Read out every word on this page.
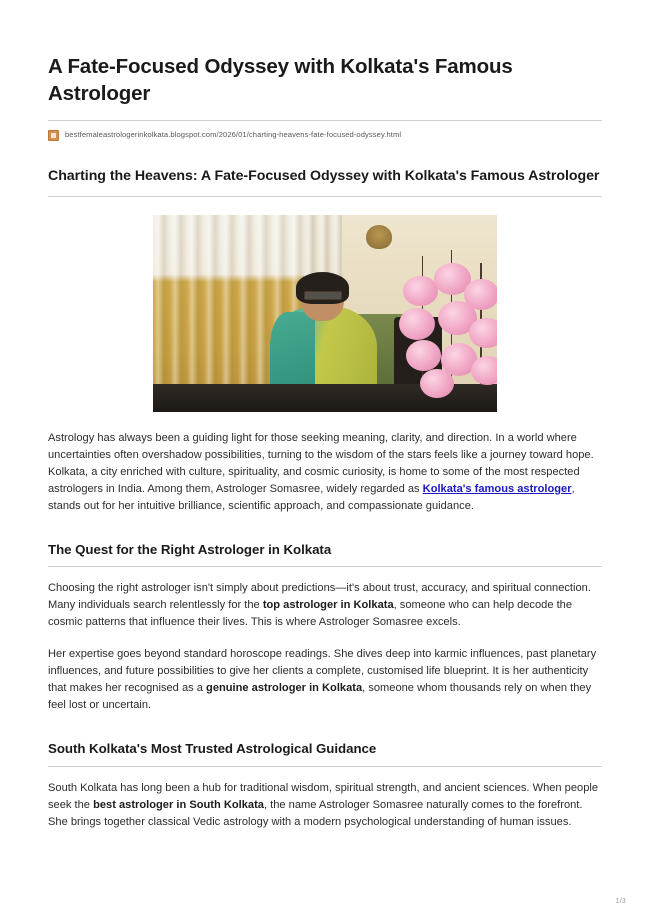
A Fate-Focused Odyssey with Kolkata's Famous Astrologer
bestfemaleastrologerinkolkata.blogspot.com/2026/01/charting-heavens-fate-focused-odyssey.html
Charting the Heavens: A Fate-Focused Odyssey with Kolkata's Famous Astrologer

Astrology has always been a guiding light for those seeking meaning, clarity, and direction. In a world where uncertainties often overshadow possibilities, turning to the wisdom of the stars feels like a journey toward hope. Kolkata, a city enriched with culture, spirituality, and cosmic curiosity, is home to some of the most respected astrologers in India. Among them, Astrologer Somasree, widely regarded as Kolkata's famous astrologer, stands out for her intuitive brilliance, scientific approach, and compassionate guidance.

The Quest for the Right Astrologer in Kolkata

Choosing the right astrologer isn't simply about predictions—it's about trust, accuracy, and spiritual connection. Many individuals search relentlessly for the top astrologer in Kolkata, someone who can help decode the cosmic patterns that influence their lives. This is where Astrologer Somasree excels.

Her expertise goes beyond standard horoscope readings. She dives deep into karmic influences, past planetary influences, and future possibilities to give her clients a complete, customised life blueprint. It is her authenticity that makes her recognised as a genuine astrologer in Kolkata, someone whom thousands rely on when they feel lost or uncertain.

South Kolkata's Most Trusted Astrological Guidance

South Kolkata has long been a hub for traditional wisdom, spiritual strength, and ancient sciences. When people seek the best astrologer in South Kolkata, the name Astrologer Somasree naturally comes to the forefront. She brings together classical Vedic astrology with a modern psychological understanding of human issues.

1/3
